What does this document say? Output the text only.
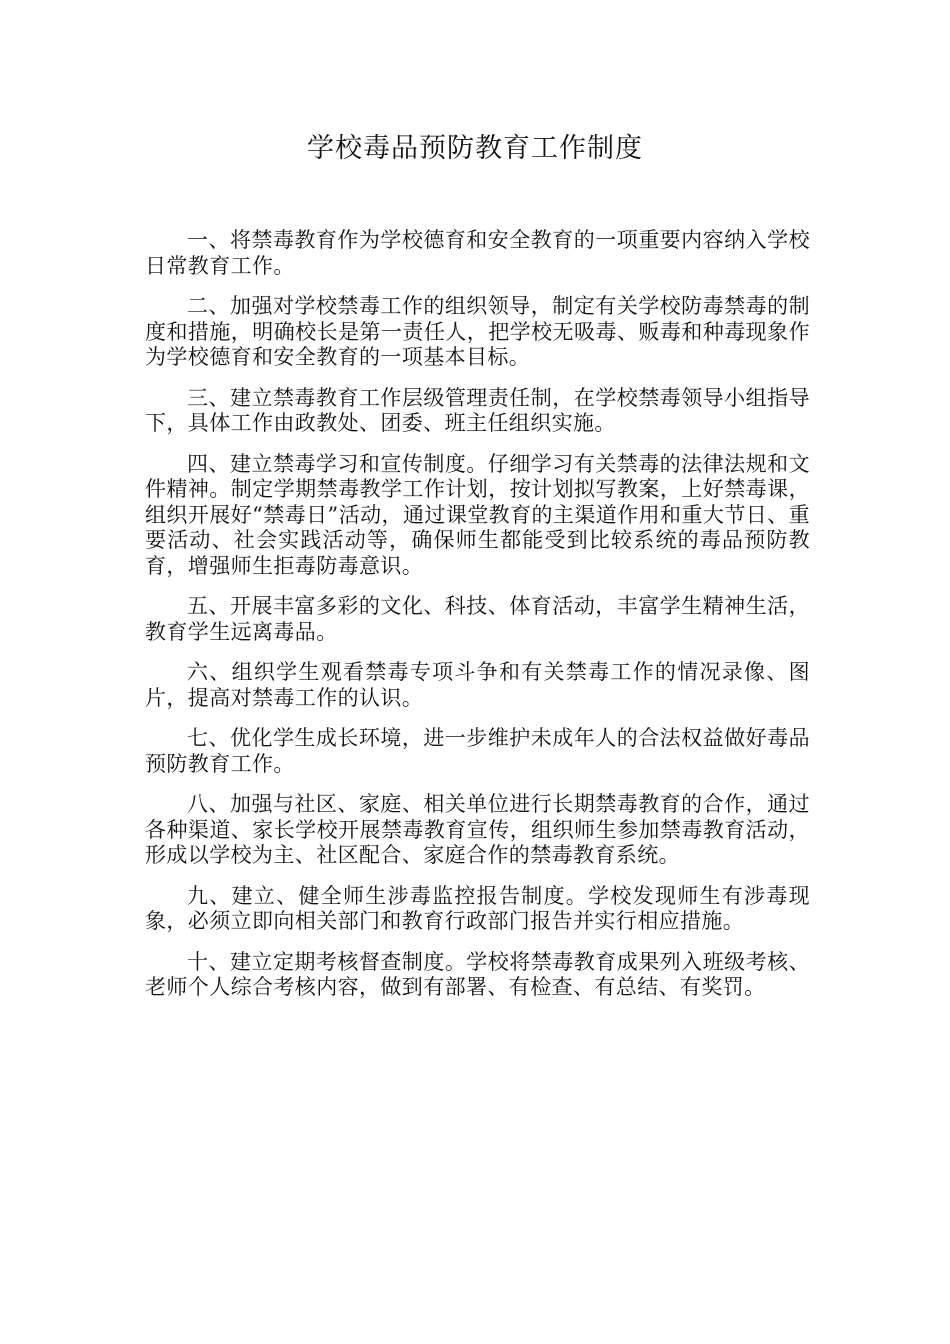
学校毒品预防教育工作制度

一、将禁毒教育作为学校德育和安全教育的一项重要内容纳入学校日常教育工作。

二、加强对学校禁毒工作的组织领导，制定有关学校防毒禁毒的制度和措施，明确校长是第一责任人，把学校无吸毒、贩毒和种毒现象作为学校德育和安全教育的一项基本目标。

三、建立禁毒教育工作层级管理责任制，在学校禁毒领导小组指导下，具体工作由政教处、团委、班主任组织实施。

四、建立禁毒学习和宣传制度。仔细学习有关禁毒的法律法规和文件精神。制定学期禁毒教学工作计划，按计划拟写教案，上好禁毒课，组织开展好“禁毒日”活动，通过课堂教育的主渠道作用和重大节日、重要活动、社会实践活动等，确保师生都能受到比较系统的毒品预防教育，增强师生拒毒防毒意识。

五、开展丰富多彩的文化、科技、体育活动，丰富学生精神生活，教育学生远离毒品。

六、组织学生观看禁毒专项斗争和有关禁毒工作的情况录像、图片，提高对禁毒工作的认识。

七、优化学生成长环境，进一步维护未成年人的合法权益做好毒品预防教育工作。

八、加强与社区、家庭、相关单位进行长期禁毒教育的合作，通过各种渠道、家长学校开展禁毒教育宣传，组织师生参加禁毒教育活动，形成以学校为主、社区配合、家庭合作的禁毒教育系统。

九、建立、健全师生涉毒监控报告制度。学校发现师生有涉毒现象，必须立即向相关部门和教育行政部门报告并实行相应措施。

十、建立定期考核督查制度。学校将禁毒教育成果列入班级考核、老师个人综合考核内容，做到有部署、有检查、有总结、有奖罚。
